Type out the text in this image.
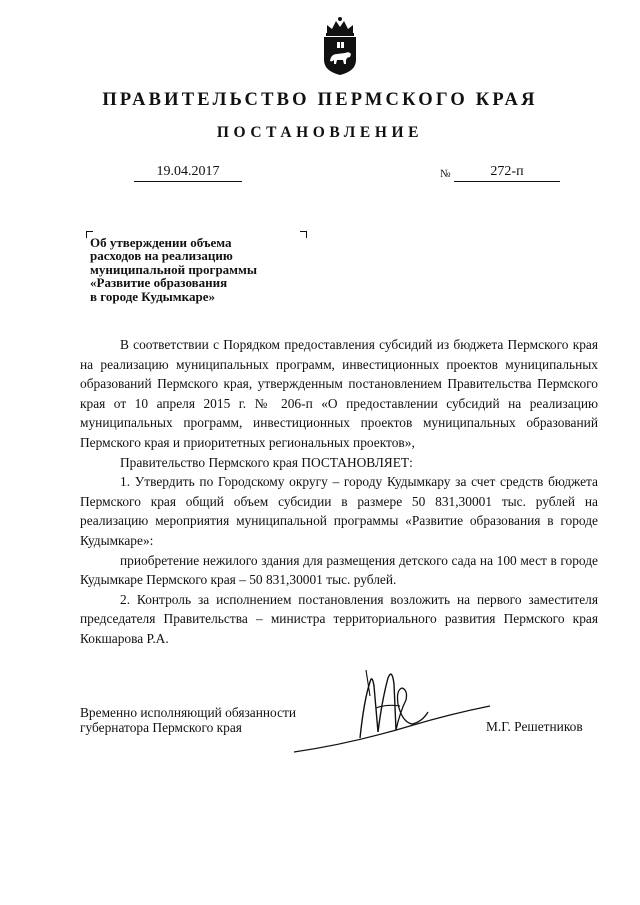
ПРАВИТЕЛЬСТВО ПЕРМСКОГО КРАЯ
ПОСТАНОВЛЕНИЕ
19.04.2017	№	272-п
Об утверждении объема
расходов на реализацию
муниципальной программы
«Развитие образования
в городе Кудымкаре»

В соответствии с Порядком предоставления субсидий из бюджета Пермского края на реализацию муниципальных программ, инвестиционных проектов муниципальных образований Пермского края, утвержденным постановлением Правительства Пермского края от 10 апреля 2015 г. № 206-п «О предоставлении субсидий на реализацию муниципальных программ, инвестиционных проектов муниципальных образований Пермского края и приоритетных региональных проектов»,

Правительство Пермского края ПОСТАНОВЛЯЕТ:

1. Утвердить по Городскому округу – городу Кудымкару за счет средств бюджета Пермского края общий объем субсидии в размере 50 831,30001 тыс. рублей на реализацию мероприятия муниципальной программы «Развитие образования в городе Кудымкаре»:

приобретение нежилого здания для размещения детского сада на 100 мест в городе Кудымкаре Пермского края – 50 831,30001 тыс. рублей.

2. Контроль за исполнением постановления возложить на первого заместителя председателя Правительства – министра территориального развития Пермского края Кокшарова Р.А.

Временно исполняющий обязанности
губернатора Пермского края	М.Г. Решетников
